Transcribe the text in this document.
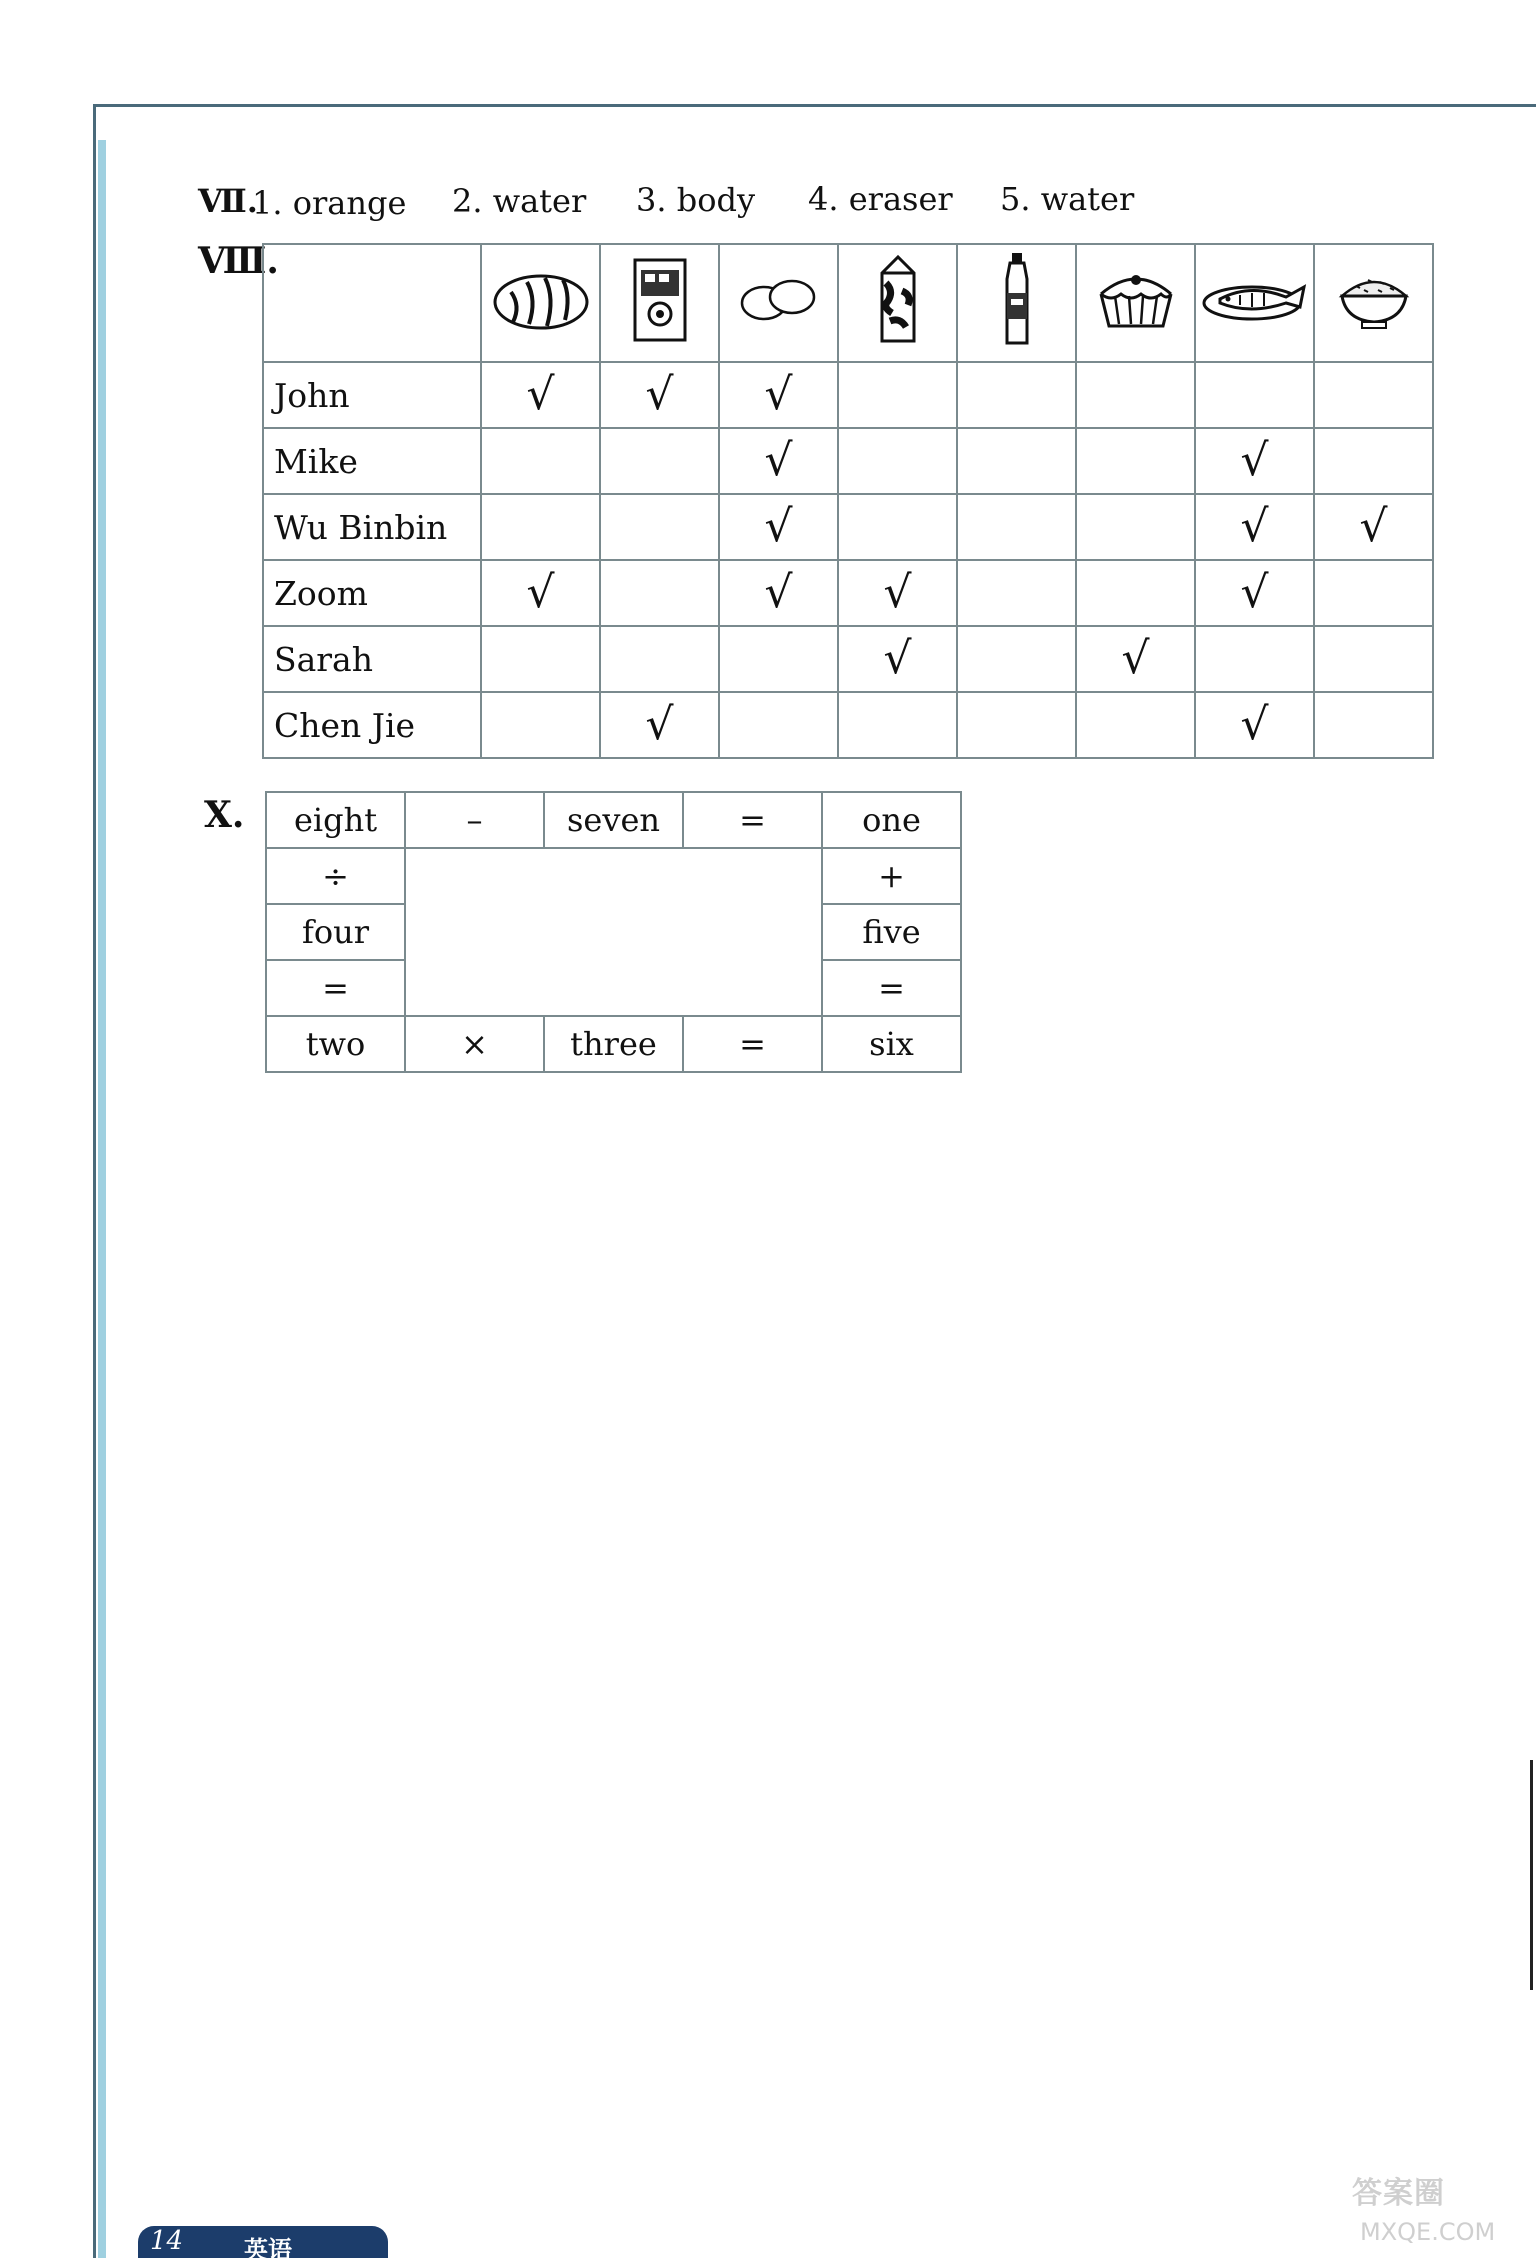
Ⅶ.
1. orange 2. water 3. body 4. eraser 5. water
Ⅷ.

John	√	√	√					
Mike			√				√	
Wu Binbin			√				√	√
Zoom	√		√	√			√	
Sarah				√		√		
Chen Jie		√					√	
X. eight	–	seven	=	one
÷				+
four				five
=				=
two	×	three	=	six
14	英语
答案圈
MXQE.COM
